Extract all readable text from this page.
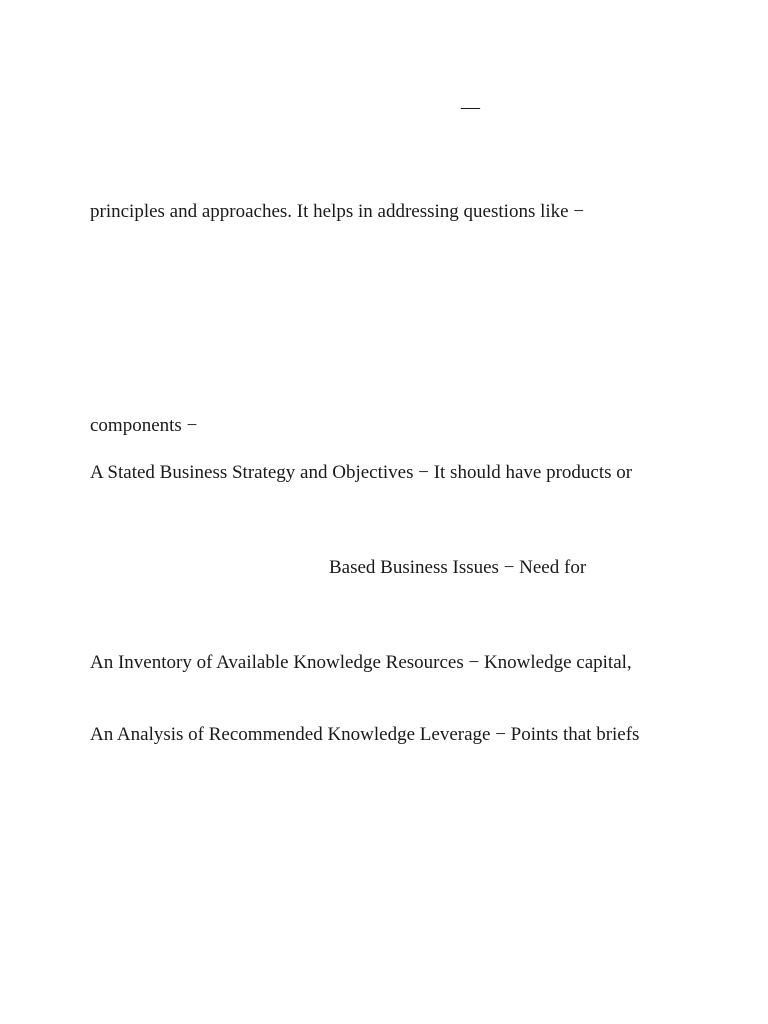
—
principles and approaches. It helps in addressing questions like −
components −
A Stated Business Strategy and Objectives − It should have products or
Based Business Issues − Need for
An Inventory of Available Knowledge Resources − Knowledge capital,
An Analysis of Recommended Knowledge Leverage − Points that briefs
